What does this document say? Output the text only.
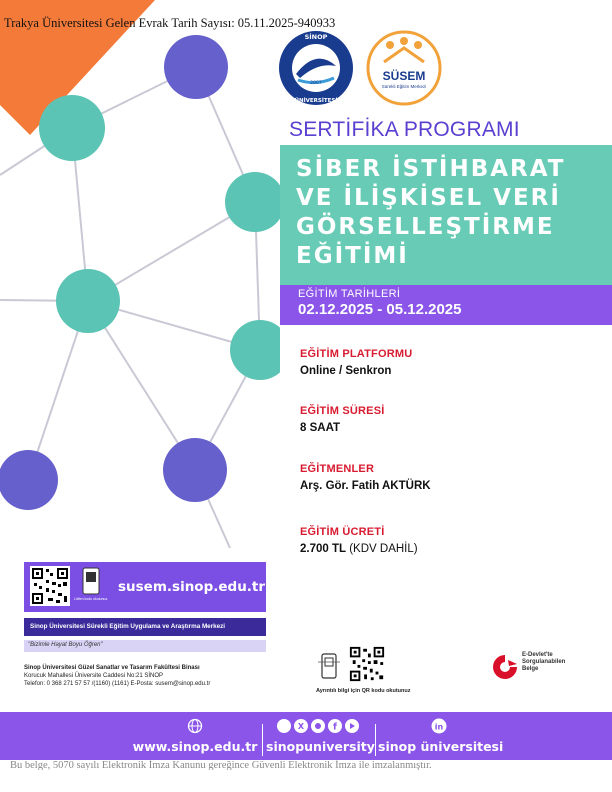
Trakya Üniversitesi Gelen Evrak Tarih Sayısı: 05.11.2025-940933
2007
SİNOP
ÜNİVERSİTESİ
SÜSEM
Sürekli Eğitim Merkezi
SERTİFİKA PROGRAMI
SİBER İSTİHBARAT
VE İLİŞKİSEL VERİ
GÖRSELLEŞTİRME
EĞİTİMİ
EĞİTİM TARİHLERİ
02.12.2025 - 05.12.2025
EĞİTİM PLATFORMU
Online / Senkron
EĞİTİM SÜRESİ
8 SAAT
EĞİTMENLER
Arş. Gör. Fatih AKTÜRK
EĞİTİM ÜCRETİ
2.700 TL (KDV DAHİL)
Lütfen kodu okutunuz.
susem.sinop.edu.tr
Sinop Üniversitesi Sürekli Eğitim Uygulama ve Araştırma Merkezi
"Bizimle Hayat Boyu Öğren"
Sinop Üniversitesi Güzel Sanatlar ve Tasarım Fakültesi Binası
Korucuk Mahallesi Üniversite Caddesi No:21 SİNOP
Telefon: 0 368 271 57 57 /(1160) (1161) E-Posta: susem@sinop.edu.tr
Ayrıntılı bilgi için QR kodu okutunuz
E-Devlet'te
Sorgulanabilen
Belge
www.sinop.edu.tr
X	f
sinopuniversity
in
sinop üniversitesi
Bu belge, 5070 sayılı Elektronik İmza Kanunu gereğince Güvenli Elektronik İmza ile imzalanmıştır.
